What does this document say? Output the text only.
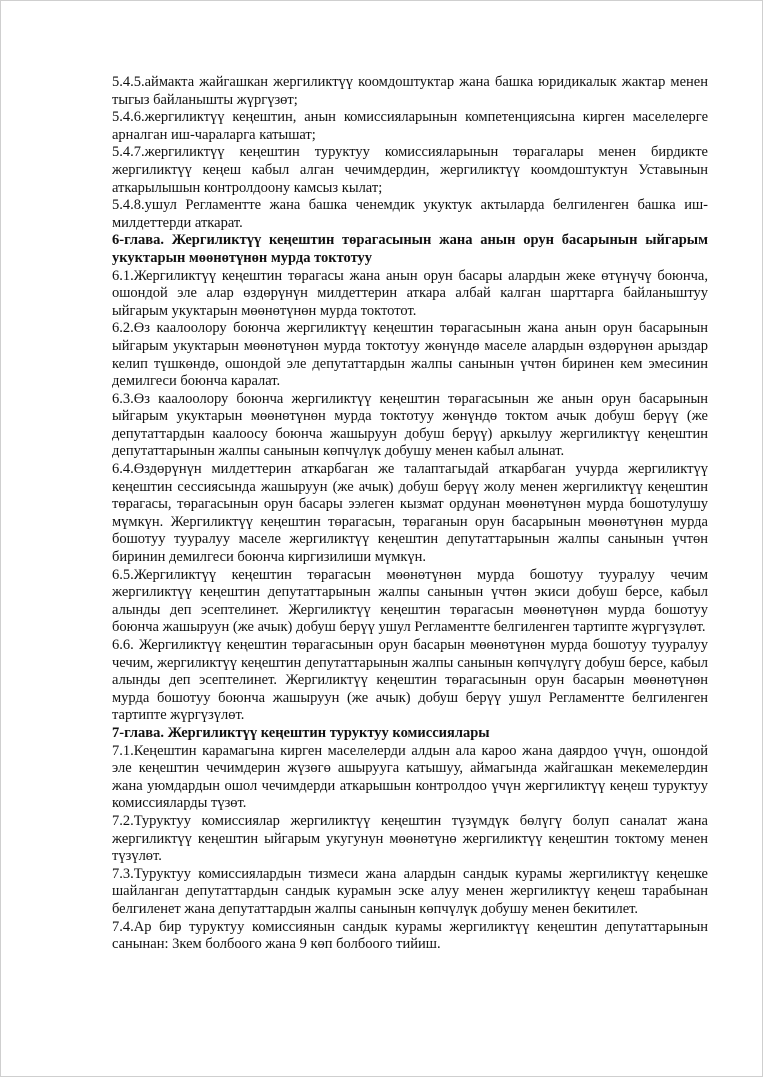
5.4.5.аймакта жайгашкан жергиликтүү коомдоштуктар жана башка юридикалык жактар менен тыгыз байланышты жүргүзөт;

5.4.6.жергиликтүү кеңештин, анын комиссияларынын компетенциясына кирген маселелерге арналган иш-чараларга катышат;

5.4.7.жергиликтүү кеңештин туруктуу комиссияларынын төрагалары менен бирдикте жергиликтүү кеңеш кабыл алган чечимдердин, жергиликтүү коомдоштуктун Уставынын аткарылышын контролдоону камсыз кылат;

5.4.8.ушул Регламентте жана башка ченемдик укуктук актыларда белгиленген башка иш-милдеттерди аткарат.

6-глава. Жергиликтүү кеңештин төрагасынын жана анын орун басарынын ыйгарым укуктарын мөөнөтүнөн мурда токтотуу

6.1.Жергиликтүү кеңештин төрагасы жана анын орун басары алардын жеке өтүнүчү боюнча, ошондой эле алар өздөрүнүн милдеттерин аткара албай калган шарттарга байланыштуу ыйгарым укуктарын мөөнөтүнөн мурда токтотот.

6.2.Өз каалоолору боюнча жергиликтүү кеңештин төрагасынын жана анын орун басарынын ыйгарым укуктарын мөөнөтүнөн мурда токтотуу жөнүндө маселе алардын өздөрүнөн арыздар келип түшкөндө, ошондой эле депутаттардын жалпы санынын үчтөн биринен кем эмесинин демилгеси боюнча каралат.

6.3.Өз каалоолору боюнча жергиликтүү кеңештин төрагасынын же анын орун басарынын ыйгарым укуктарын мөөнөтүнөн мурда токтотуу жөнүндө токтом ачык добуш берүү (же депутаттардын каалоосу боюнча жашыруун добуш берүү) аркылуу жергиликтүү кеңештин депутаттарынын жалпы санынын көпчүлүк добушу менен кабыл алынат.

6.4.Өздөрүнүн милдеттерин аткарбаган же талаптагыдай аткарбаган учурда жергиликтүү кеңештин сессиясында жашыруун (же ачык) добуш берүү жолу менен жергиликтүү кеңештин төрагасы, төрагасынын орун басары ээлеген кызмат ордунан мөөнөтүнөн мурда бошотулушу мүмкүн. Жергиликтүү кеңештин төрагасын, төраганын орун басарынын мөөнөтүнөн мурда бошотуу тууралуу маселе жергиликтүү кеңештин депутаттарынын жалпы санынын үчтөн биринин демилгеси боюнча киргизилиши мүмкүн.

6.5.Жергиликтүү кеңештин төрагасын мөөнөтүнөн мурда бошотуу тууралуу чечим жергиликтүү кеңештин депутаттарынын жалпы санынын үчтөн экиси добуш берсе, кабыл алынды деп эсептелинет. Жергиликтүү кеңештин төрагасын мөөнөтүнөн мурда бошотуу боюнча жашыруун (же ачык) добуш берүү ушул Регламентте белгиленген тартипте жүргүзүлөт.

6.6. Жергиликтүү кеңештин төрагасынын орун басарын мөөнөтүнөн мурда бошотуу тууралуу чечим, жергиликтүү кеңештин депутаттарынын жалпы санынын көпчүлүгү добуш берсе, кабыл алынды деп эсептелинет. Жергиликтүү кеңештин төрагасынын орун басарын мөөнөтүнөн мурда бошотуу боюнча жашыруун (же ачык) добуш берүү ушул Регламентте белгиленген тартипте жүргүзүлөт.

7-глава. Жергиликтүү кеңештин туруктуу комиссиялары

7.1.Кеңештин карамагына кирген маселелерди алдын ала кароо жана даярдоо үчүн, ошондой эле кеңештин чечимдерин жүзөгө ашырууга катышуу, аймагында жайгашкан мекемелердин жана уюмдардын ошол чечимдерди аткарышын контролдоо үчүн жергиликтүү кеңеш туруктуу комиссияларды түзөт.

7.2.Туруктуу комиссиялар жергиликтүү кеңештин түзүмдүк бөлүгү болуп саналат жана жергиликтүү кеңештин ыйгарым укугунун мөөнөтүнө жергиликтүү кеңештин токтому менен түзүлөт.

7.3.Туруктуу комиссиялардын тизмеси жана алардын сандык курамы жергиликтүү кеңешке шайланган депутаттардын сандык курамын эске алуу менен жергиликтүү кеңеш тарабынан белгиленет жана депутаттардын жалпы санынын көпчүлүк добушу менен бекитилет.

7.4.Ар бир туруктуу комиссиянын сандык курамы жергиликтүү кеңештин депутаттарынын санынан: 3кем болбоого жана 9 көп болбоого тийиш.
